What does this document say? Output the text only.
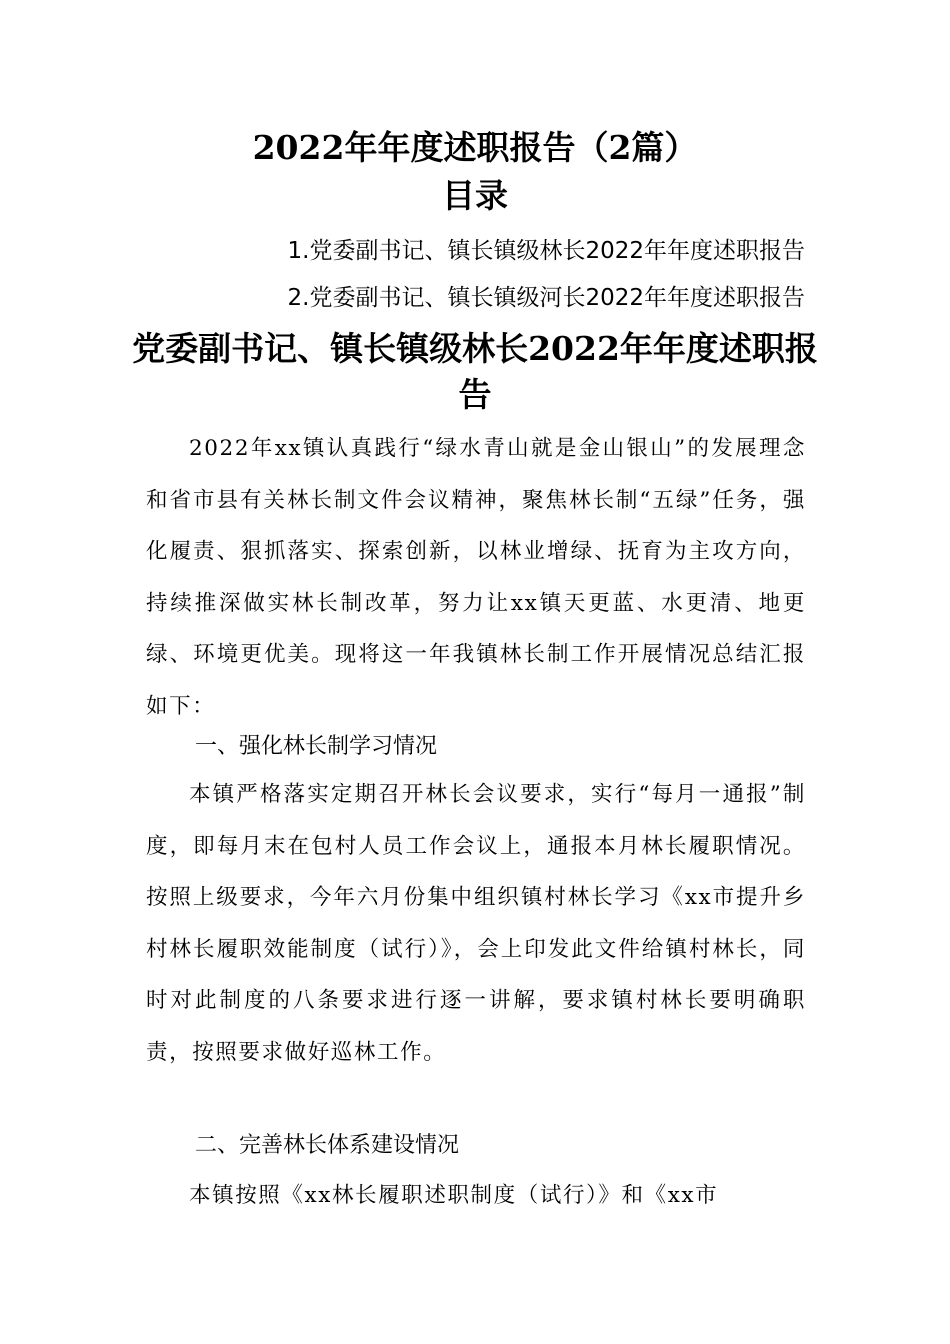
2022年年度述职报告（2篇）
目录
1.党委副书记、镇长镇级林长2022年年度述职报告
2.党委副书记、镇长镇级河长2022年年度述职报告
党委副书记、镇长镇级林长2022年年度述职报告
2022年xx镇认真践行“绿水青山就是金山银山”的发展理念和省市县有关林长制文件会议精神，聚焦林长制“五绿”任务，强化履责、狠抓落实、探索创新，以林业增绿、抚育为主攻方向，持续推深做实林长制改革，努力让xx镇天更蓝、水更清、地更绿、环境更优美。现将这一年我镇林长制工作开展情况总结汇报如下：
一、强化林长制学习情况
本镇严格落实定期召开林长会议要求，实行“每月一通报”制度，即每月末在包村人员工作会议上，通报本月林长履职情况。按照上级要求，今年六月份集中组织镇村林长学习《xx市提升乡村林长履职效能制度（试行）》，会上印发此文件给镇村林长，同时对此制度的八条要求进行逐一讲解，要求镇村林长要明确职责，按照要求做好巡林工作。
二、完善林长体系建设情况
本镇按照《xx林长履职述职制度（试行）》和《xx市
